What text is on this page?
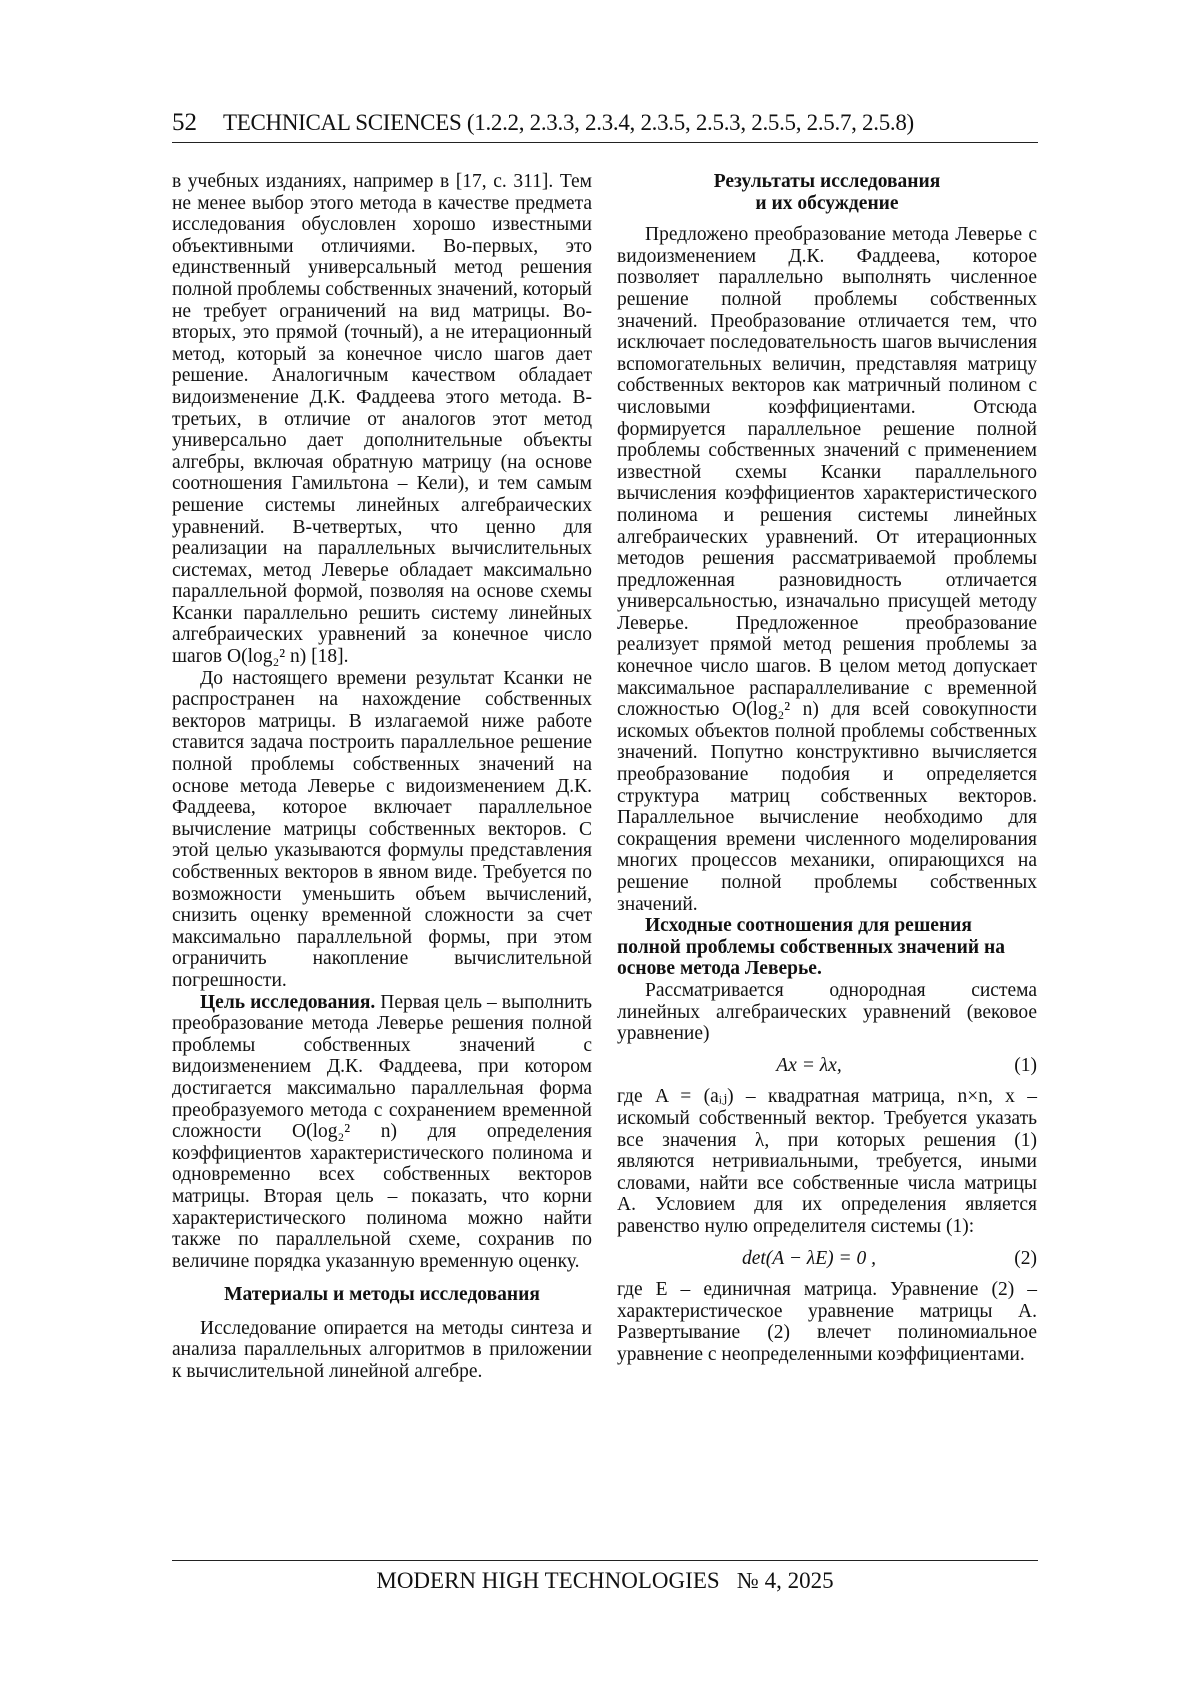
52 TECHNICAL SCIENCES (1.2.2, 2.3.3, 2.3.4, 2.3.5, 2.5.3, 2.5.5, 2.5.7, 2.5.8)

в учебных изданиях, например в [17, с. 311]. Тем не менее выбор этого метода в качестве предмета исследования обусловлен хорошо известными объективными отличиями. Во-первых, это единственный универсальный метод решения полной проблемы собственных значений, который не требует ограничений на вид матрицы. Во-вторых, это прямой (точный), а не итерационный метод, который за конечное число шагов дает решение. Аналогичным качеством обладает видоизменение Д.К. Фаддеева этого метода. В-третьих, в отличие от аналогов этот метод универсально дает дополнительные объекты алгебры, включая обратную матрицу (на основе соотношения Гамильтона – Кели), и тем самым решение системы линейных алгебраических уравнений. В-четвертых, что ценно для реализации на параллельных вычислительных системах, метод Леверье обладает максимально параллельной формой, позволяя на основе схемы Ксанки параллельно решить систему линейных алгебраических уравнений за конечное число шагов O(log₂² n) [18].

До настоящего времени результат Ксанки не распространен на нахождение собственных векторов матрицы. В излагаемой ниже работе ставится задача построить параллельное решение полной проблемы собственных значений на основе метода Леверье с видоизменением Д.К. Фаддеева, которое включает параллельное вычисление матрицы собственных векторов. С этой целью указываются формулы представления собственных векторов в явном виде. Требуется по возможности уменьшить объем вычислений, снизить оценку временной сложности за счет максимально параллельной формы, при этом ограничить накопление вычислительной погрешности.

Цель исследования. Первая цель – выполнить преобразование метода Леверье решения полной проблемы собственных значений с видоизменением Д.К. Фаддеева, при котором достигается максимально параллельная форма преобразуемого метода с сохранением временной сложности O(log₂² n) для определения коэффициентов характеристического полинома и одновременно всех собственных векторов матрицы. Вторая цель – показать, что корни характеристического полинома можно найти также по параллельной схеме, сохранив по величине порядка указанную временную оценку.

Материалы и методы исследования

Исследование опирается на методы синтеза и анализа параллельных алгоритмов в приложении к вычислительной линейной алгебре.

Результаты исследования
и их обсуждение

Предложено преобразование метода Леверье с видоизменением Д.К. Фаддеева, которое позволяет параллельно выполнять численное решение полной проблемы собственных значений. Преобразование отличается тем, что исключает последовательность шагов вычисления вспомогательных величин, представляя матрицу собственных векторов как матричный полином с числовыми коэффициентами. Отсюда формируется параллельное решение полной проблемы собственных значений с применением известной схемы Ксанки параллельного вычисления коэффициентов характеристического полинома и решения системы линейных алгебраических уравнений. От итерационных методов решения рассматриваемой проблемы предложенная разновидность отличается универсальностью, изначально присущей методу Леверье. Предложенное преобразование реализует прямой метод решения проблемы за конечное число шагов. В целом метод допускает максимальное распараллеливание с временной сложностью O(log₂² n) для всей совокупности искомых объектов полной проблемы собственных значений. Попутно конструктивно вычисляется преобразование подобия и определяется структура матриц собственных векторов. Параллельное вычисление необходимо для сокращения времени численного моделирования многих процессов механики, опирающихся на решение полной проблемы собственных значений.

Исходные соотношения для решения полной проблемы собственных значений на основе метода Леверье.

Рассматривается однородная система линейных алгебраических уравнений (вековое уравнение)

Ax = λx,	(1)

где A = (aᵢⱼ) – квадратная матрица, n×n, x – искомый собственный вектор. Требуется указать все значения λ, при которых решения (1) являются нетривиальными, требуется, иными словами, найти все собственные числа матрицы A. Условием для их определения является равенство нулю определителя системы (1):

det(A − λE) = 0 ,	(2)

где E – единичная матрица. Уравнение (2) – характеристическое уравнение матрицы A. Развертывание (2) влечет полиномиальное уравнение с неопределенными коэффициентами.

MODERN HIGH TECHNOLOGIES   № 4, 2025
